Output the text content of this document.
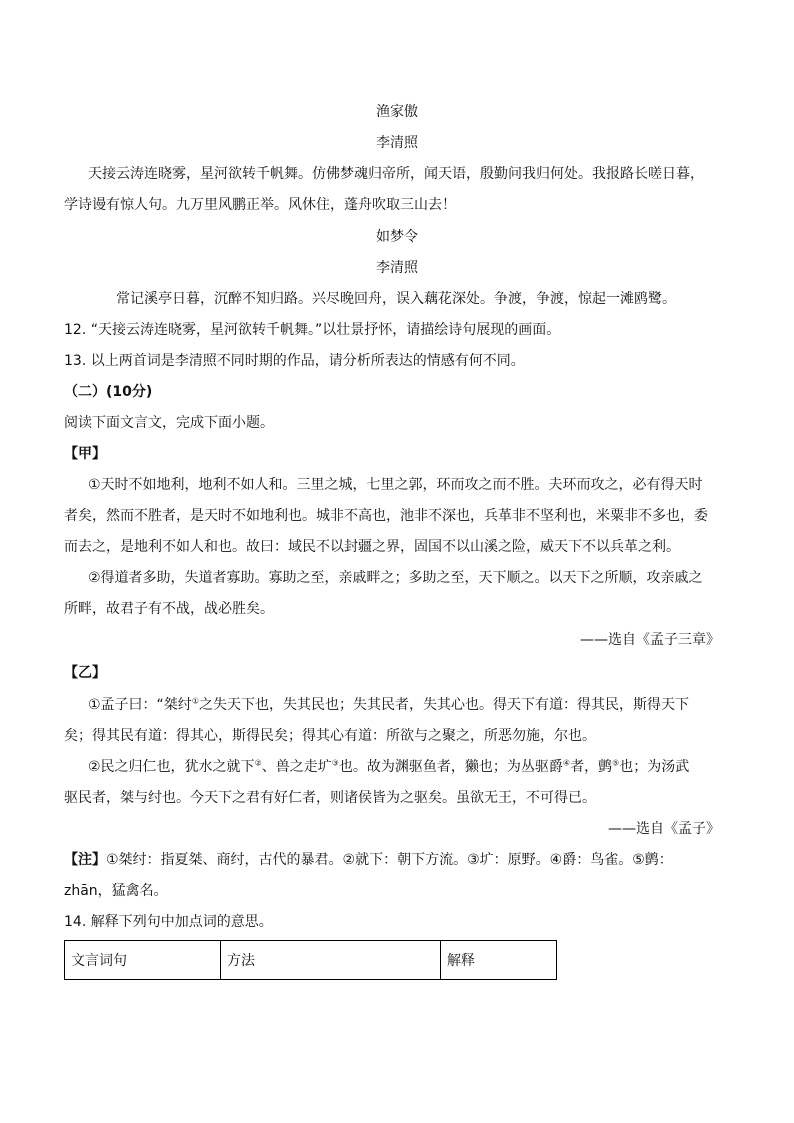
渔家傲
李清照
天接云涛连晓雾，星河欲转千帆舞。仿佛梦魂归帝所，闻天语，殷勤问我归何处。我报路长嗟日暮，
学诗谩有惊人句。九万里风鹏正举。风休住，蓬舟吹取三山去！
如梦令
李清照
常记溪亭日暮，沉醉不知归路。兴尽晚回舟，误入藕花深处。争渡，争渡，惊起一滩鸥鹭。
12. “天接云涛连晓雾，星河欲转千帆舞。”以壮景抒怀，请描绘诗句展现的画面。
13. 以上两首词是李清照不同时期的作品，请分析所表达的情感有何不同。
（二）(10分)
阅读下面文言文，完成下面小题。
【甲】
①天时不如地利，地利不如人和。三里之城，七里之郭，环而攻之而不胜。夫环而攻之，必有得天时
者矣，然而不胜者，是天时不如地利也。城非不高也，池非不深也，兵革非不坚利也，米粟非不多也，委
而去之，是地利不如人和也。故曰：域民不以封疆之界，固国不以山溪之险，威天下不以兵革之利。
②得道者多助，失道者寡助。寡助之至，亲戚畔之；多助之至，天下顺之。以天下之所顺，攻亲戚之
所畔，故君子有不战，战必胜矣。
——选自《孟子三章》
【乙】
①孟子曰：“桀纣①之失天下也，失其民也；失其民者，失其心也。得天下有道：得其民，斯得天下
矣；得其民有道：得其心，斯得民矣；得其心有道：所欲与之聚之，所恶勿施，尔也。
②民之归仁也，犹水之就下②、兽之走圹③也。故为渊驱鱼者，獭也；为丛驱爵④者，鹯⑤也；为汤武
驱民者，桀与纣也。今天下之君有好仁者，则诸侯皆为之驱矣。虽欲无王，不可得已。
——选自《孟子》
【注】①桀纣：指夏桀、商纣，古代的暴君。②就下：朝下方流。③圹：原野。④爵：鸟雀。⑤鹯：
zhān，猛禽名。
14. 解释下列句中加点词的意思。
文言词句	方法	解释
